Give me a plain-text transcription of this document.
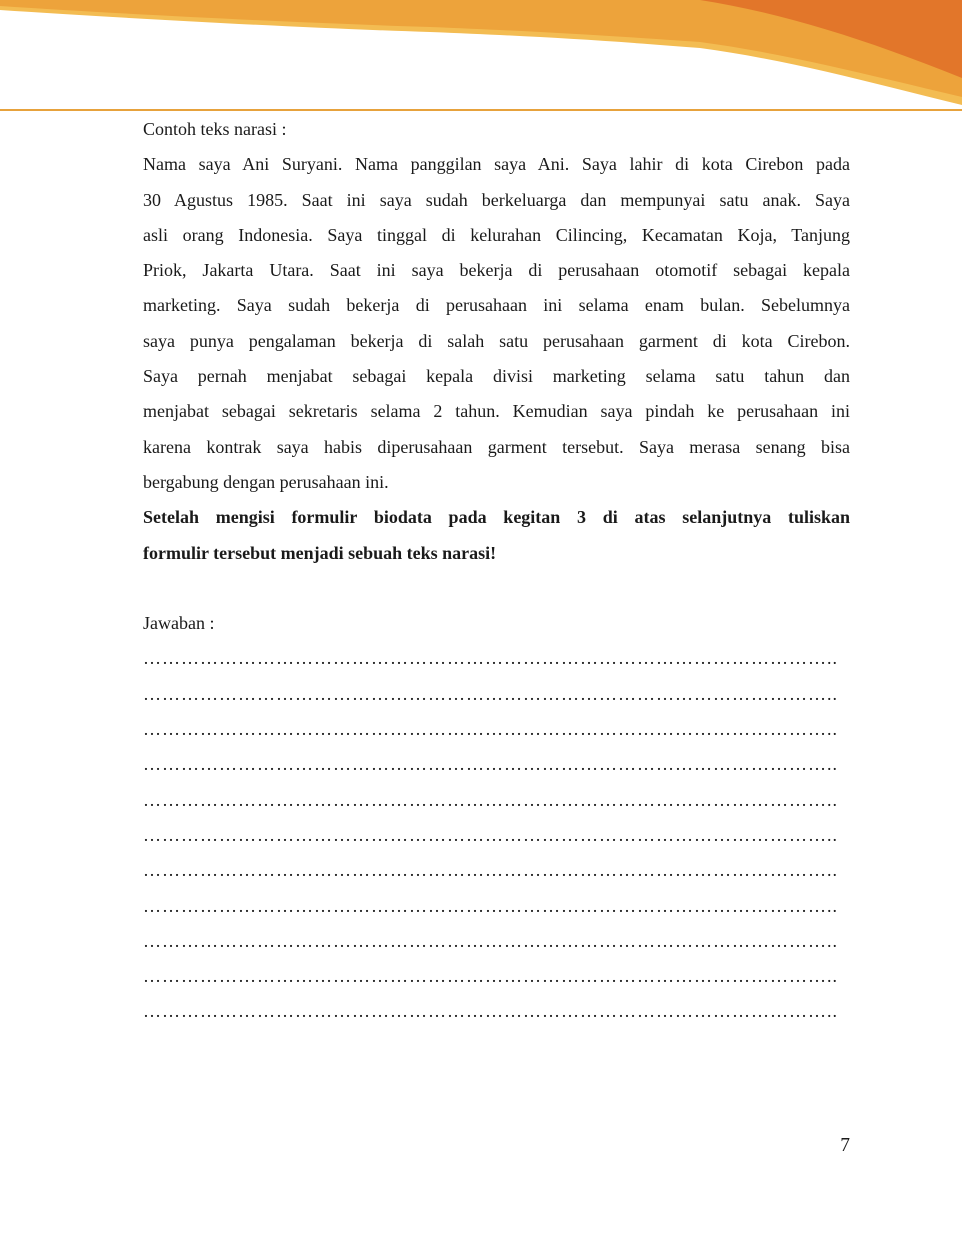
Contoh teks narasi :
Nama saya Ani Suryani. Nama panggilan saya Ani. Saya lahir di kota Cirebon pada
30 Agustus 1985. Saat ini saya sudah berkeluarga dan mempunyai satu anak. Saya
asli orang Indonesia. Saya tinggal di kelurahan Cilincing, Kecamatan Koja, Tanjung
Priok, Jakarta Utara. Saat ini saya bekerja di perusahaan otomotif sebagai kepala
marketing. Saya sudah bekerja di perusahaan ini selama enam bulan. Sebelumnya
saya punya pengalaman bekerja di salah satu perusahaan garment di kota Cirebon.
Saya pernah menjabat sebagai kepala divisi marketing selama satu tahun dan
menjabat sebagai sekretaris selama 2 tahun. Kemudian saya pindah ke perusahaan ini
karena kontrak saya habis diperusahaan garment tersebut. Saya merasa senang bisa
bergabung dengan perusahaan ini.
Setelah mengisi formulir biodata pada kegitan 3 di atas selanjutnya tuliskan
formulir tersebut menjadi sebuah teks narasi!
Jawaban :
………………………………………………………………………………………………..
………………………………………………………………………………………………..
………………………………………………………………………………………………..
………………………………………………………………………………………………..
………………………………………………………………………………………………..
………………………………………………………………………………………………..
………………………………………………………………………………………………..
………………………………………………………………………………………………..
………………………………………………………………………………………………..
………………………………………………………………………………………………..
………………………………………………………………………………………………..
7
